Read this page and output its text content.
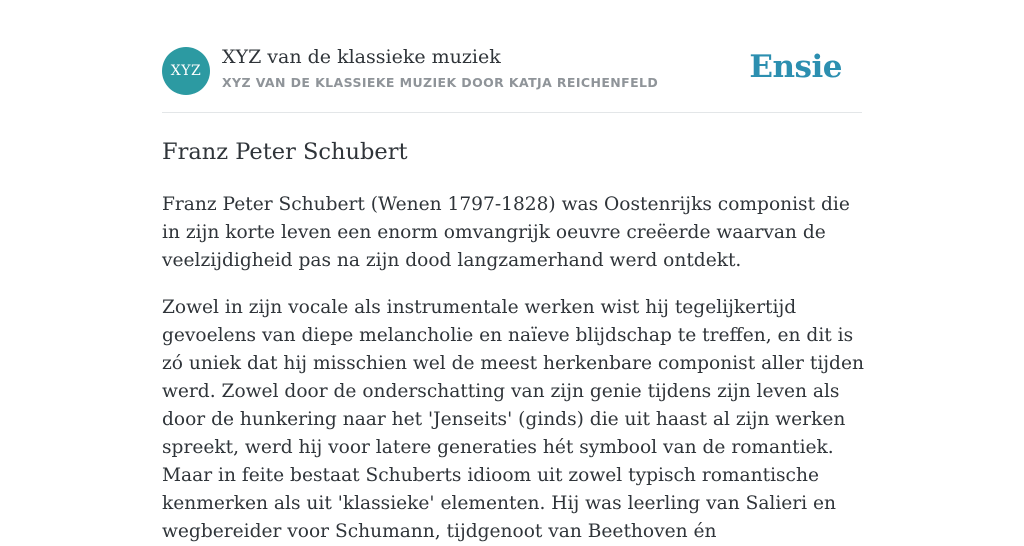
XYZ
XYZ van de klassieke muziek
XYZ VAN DE KLASSIEKE MUZIEK DOOR KATJA REICHENFELD	Ensie
Franz Peter Schubert

Franz Peter Schubert (Wenen 1797-1828) was Oostenrijks componist die in zijn korte leven een enorm omvangrijk oeuvre creëerde waarvan de veelzijdigheid pas na zijn dood langzamerhand werd ontdekt.

Zowel in zijn vocale als instrumentale werken wist hij tegelijkertijd gevoelens van diepe melancholie en naïeve blijdschap te treffen, en dit is zó uniek dat hij misschien wel de meest herkenbare componist aller tijden werd. Zowel door de onderschatting van zijn genie tijdens zijn leven als door de hunkering naar het 'Jenseits' (ginds) die uit haast al zijn werken spreekt, werd hij voor latere generaties hét symbool van de romantiek. Maar in feite bestaat Schuberts idioom uit zowel typisch romantische kenmerken als uit 'klassieke' elementen. Hij was leerling van Salieri en wegbereider voor Schumann, tijdgenoot van Beethoven én
